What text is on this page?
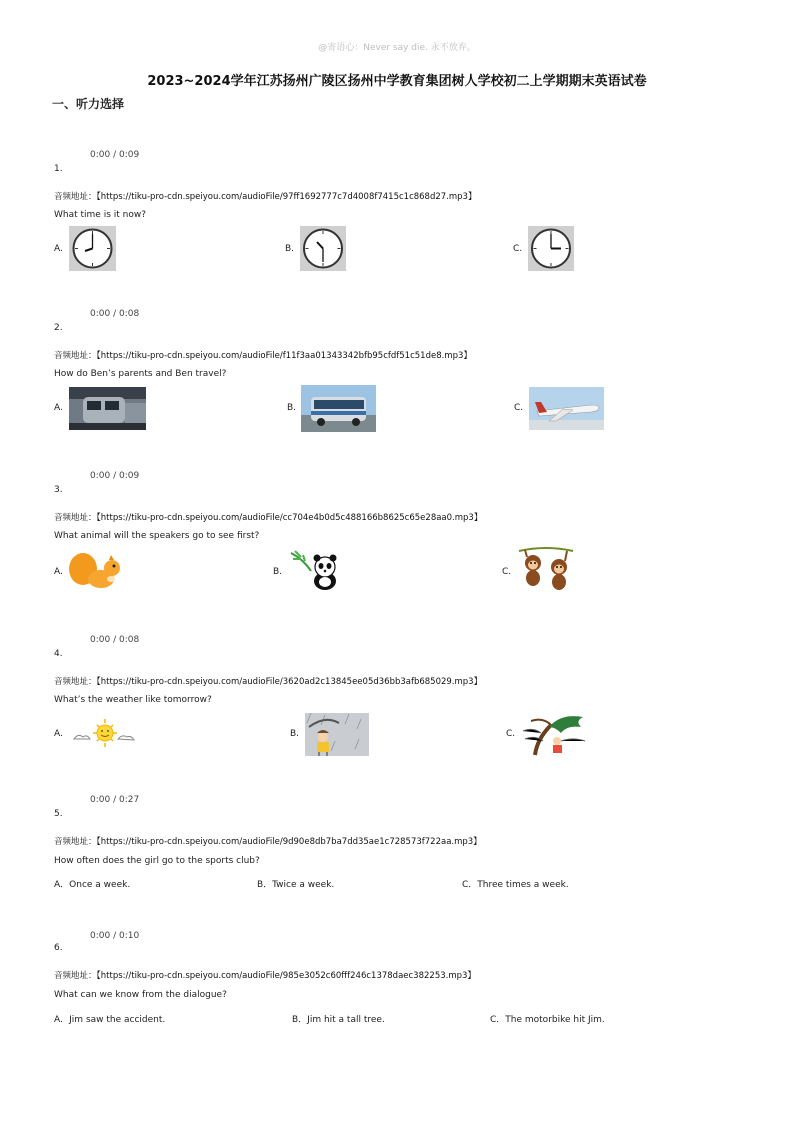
@寄语心：Never say die. 永不放弃。
2023~2024学年江苏扬州广陵区扬州中学教育集团树人学校初二上学期期末英语试卷
一、听力选择
0:00 / 0:09
1.
音频地址：【https://tiku-pro-cdn.speiyou.com/audioFile/97ff1692777c7d4008f7415c1c868d27.mp3】
What time is it now?
A.	B.	C.
0:00 / 0:08
2.
音频地址：【https://tiku-pro-cdn.speiyou.com/audioFile/f11f3aa01343342bfb95cfdf51c51de8.mp3】
How do Ben’s parents and Ben travel?
A.	B.	C.
0:00 / 0:09
3.
音频地址：【https://tiku-pro-cdn.speiyou.com/audioFile/cc704e4b0d5c488166b8625c65e28aa0.mp3】
What animal will the speakers go to see first?
A.	B.	C.
0:00 / 0:08
4.
音频地址：【https://tiku-pro-cdn.speiyou.com/audioFile/3620ad2c13845ee05d36bb3afb685029.mp3】
What’s the weather like tomorrow?
A.	B.	C.
0:00 / 0:27
5.
音频地址：【https://tiku-pro-cdn.speiyou.com/audioFile/9d90e8db7ba7dd35ae1c728573f722aa.mp3】
How often does the girl go to the sports club?
A．Once a week.	B．Twice a week.	C．Three times a week.
0:00 / 0:10
6.
音频地址：【https://tiku-pro-cdn.speiyou.com/audioFile/985e3052c60fff246c1378daec382253.mp3】
What can we know from the dialogue?
A．Jim saw the accident.	B．Jim hit a tall tree.	C．The motorbike hit Jim.
